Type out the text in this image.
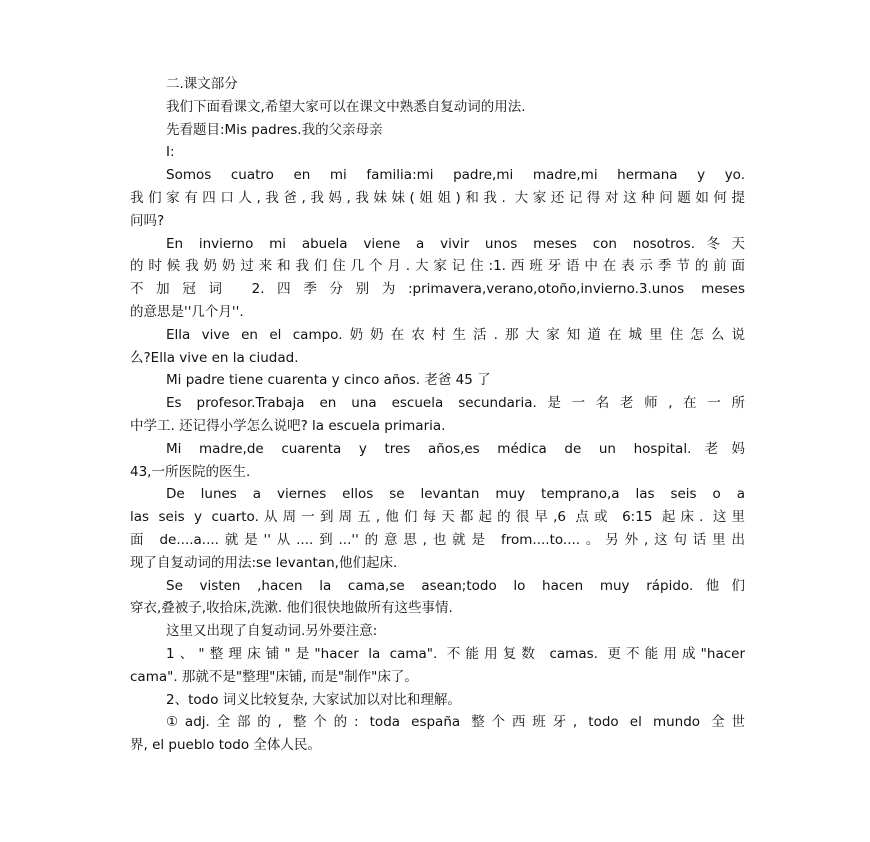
二.课文部分
我们下面看课文,希望大家可以在课文中熟悉自复动词的用法.
先看题目:Mis padres.我的父亲母亲
I:
Somos cuatro en mi familia:mi padre,mi madre,mi hermana y yo.
我们家有四口人,我爸,我妈,我妹妹(姐姐)和我. 大家还记得对这种问题如何提
问吗?
En invierno mi abuela viene a vivir unos meses con nosotros.冬天
的时候我奶奶过来和我们住几个月.大家记住:1.西班牙语中在表示季节的前面
不加冠词 2.四季分别为:primavera,verano,otoño,invierno.3.unos meses
的意思是''几个月''.
Ella vive en el campo.奶奶在农村生活.那大家知道在城里住怎么说
么?Ella vive en la ciudad.
Mi padre tiene cuarenta y cinco años. 老爸 45 了
Es profesor.Trabaja en una escuela secundaria.是一名老师,在一所
中学工. 还记得小学怎么说吧? la escuela primaria.
Mi madre,de cuarenta y tres años,es médica de un hospital.老妈
43,一所医院的医生.
De lunes a viernes ellos se levantan muy temprano,a las seis o a
las seis y cuarto.从周一到周五,他们每天都起的很早,6 点或 6:15 起床. 这里
面 de....a....就是''从....到...''的意思,也就是 from....to....。另外,这句话里出
现了自复动词的用法:se levantan,他们起床.
Se visten ,hacen la cama,se asean;todo lo hacen muy rápido.他们
穿衣,叠被子,收拾床,洗漱. 他们很快地做所有这些事情.
这里又出现了自复动词.另外要注意:
1、"整理床铺"是"hacer la cama". 不能用复数 camas. 更不能用成"hacer
cama". 那就不是"整理"床铺, 而是"制作"床了。
2、todo 词义比较复杂, 大家试加以对比和理解。
①adj.全部的, 整个的: toda españa 整个西班牙, todo el mundo 全世
界, el pueblo todo 全体人民。
